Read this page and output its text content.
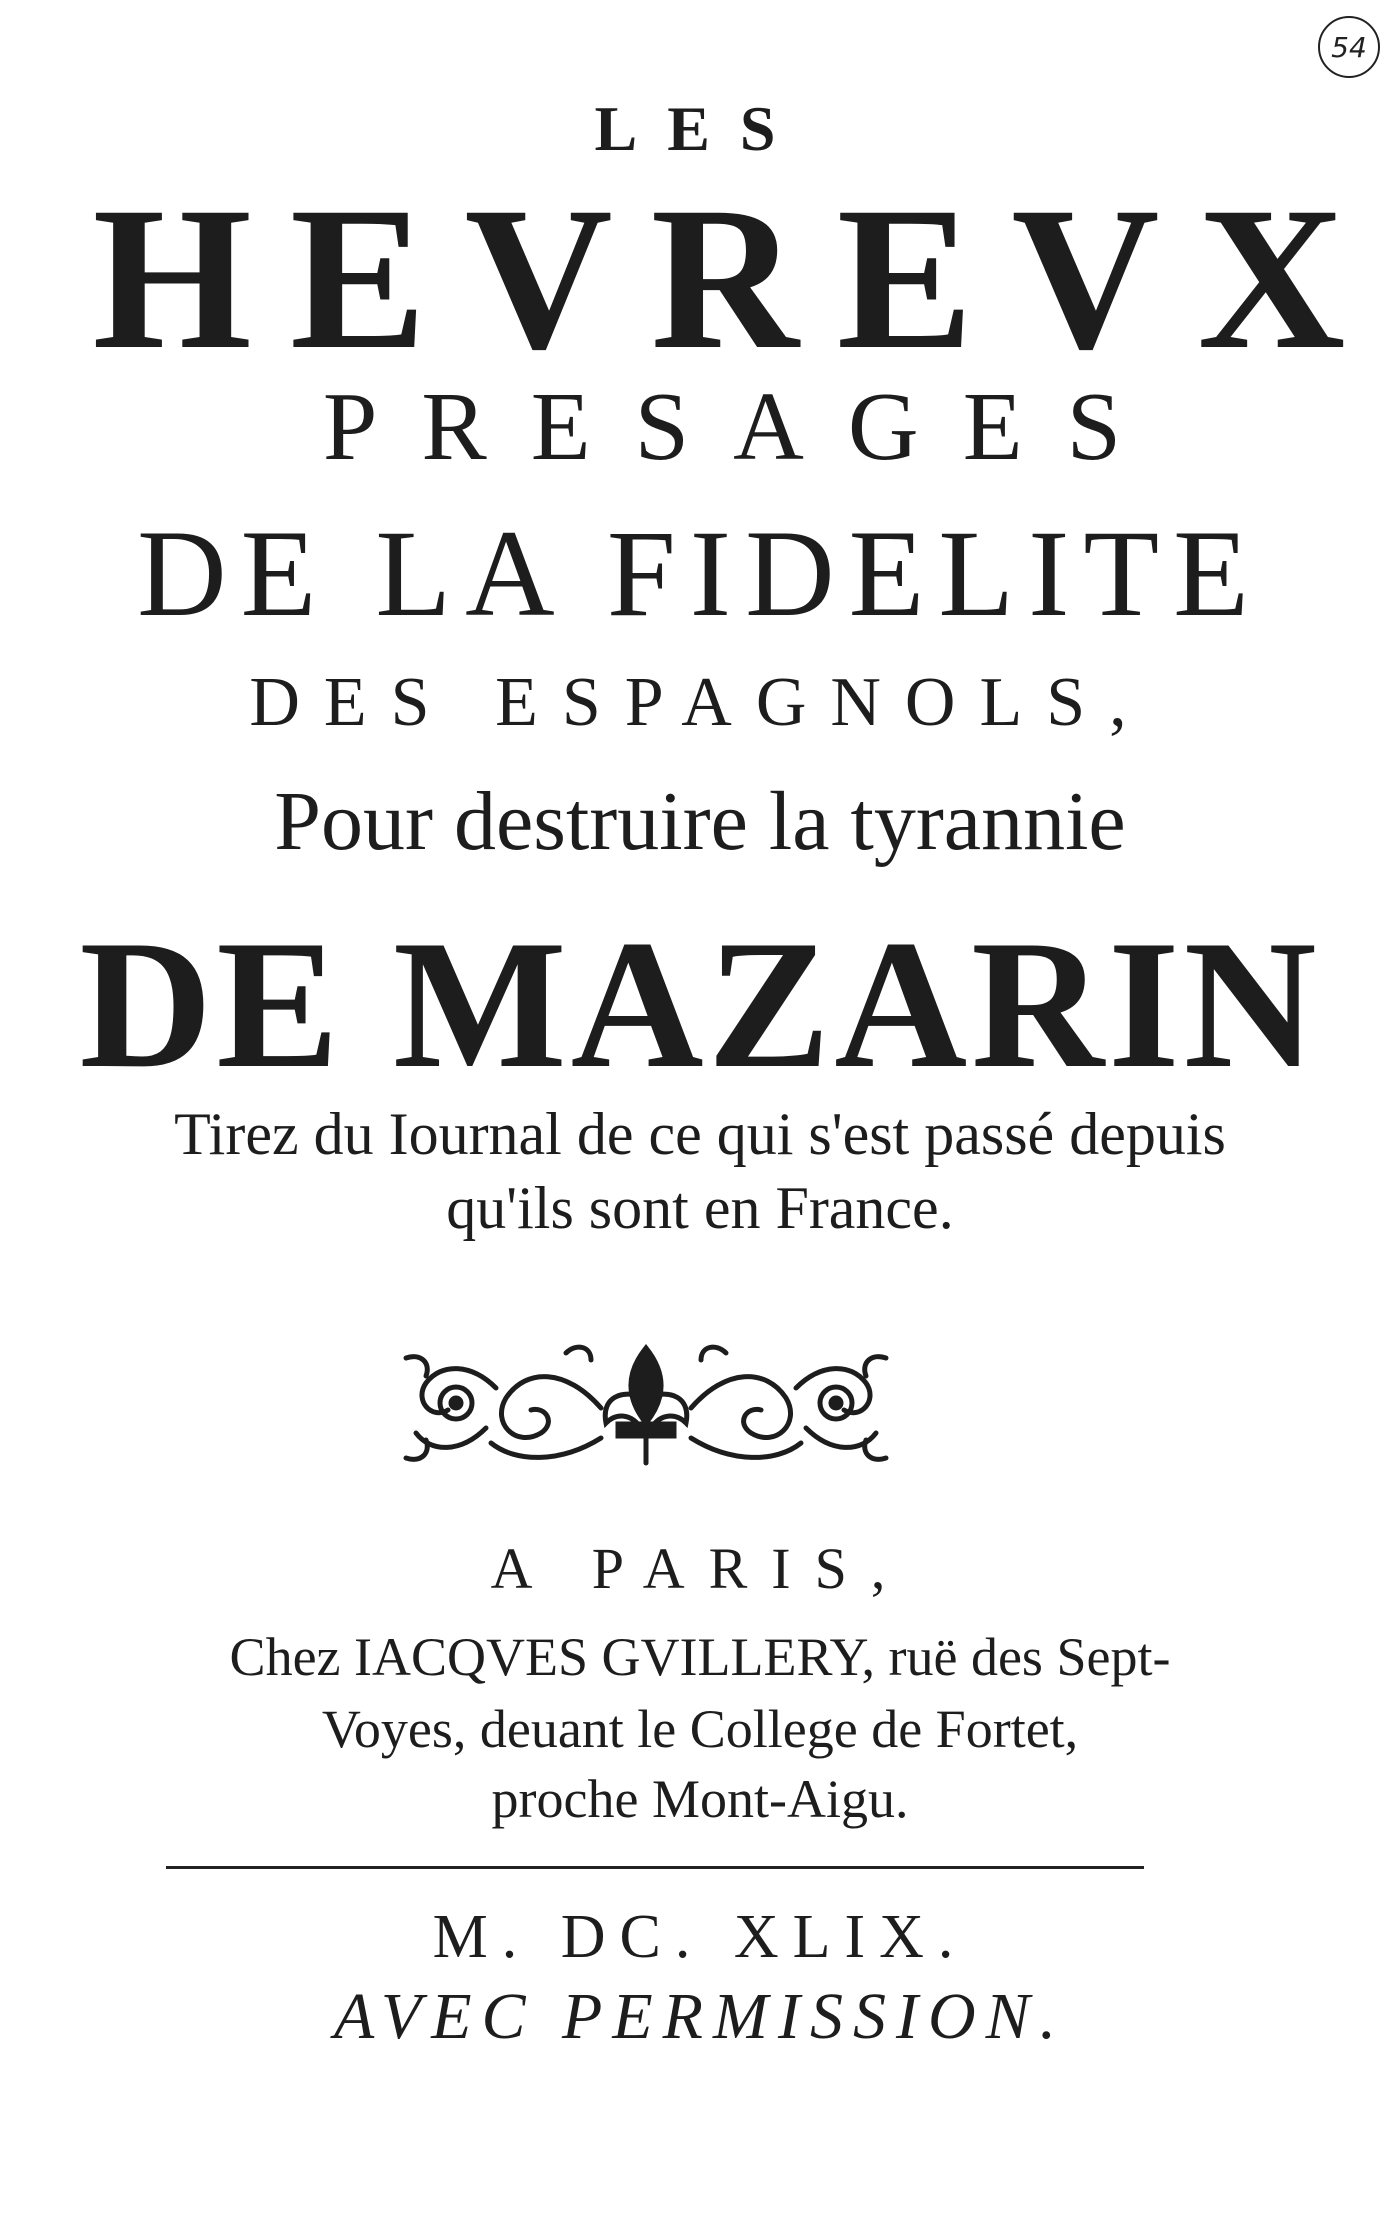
54
LES
HEVREVX
PRESAGES
DE LA FIDELITE
DES ESPAGNOLS,
Pour destruire la tyrannie
DE MAZARIN
Tirez du Iournal de ce qui s'est passé depuis
qu'ils sont en France.
A PARIS,
Chez IACQVES GVILLERY, ruë des Sept-
Voyes, deuant le College de Fortet,
proche Mont-Aigu.
M. DC. XLIX.
AVEC PERMISSION.
